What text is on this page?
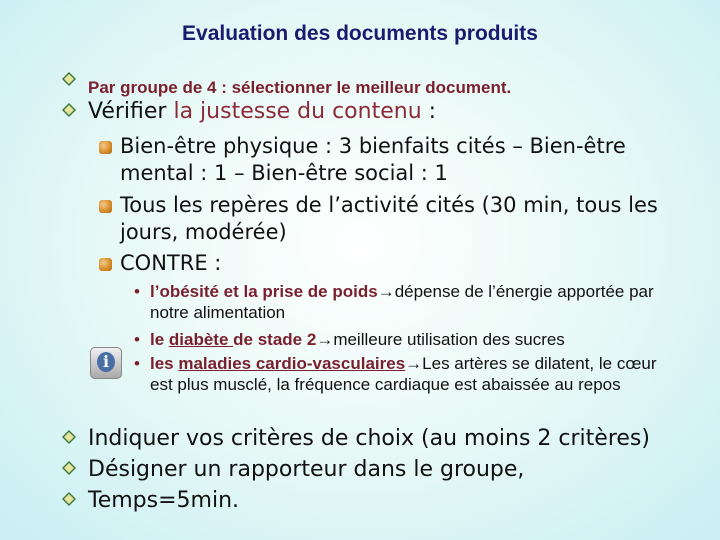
Evaluation des documents produits
Par groupe de 4 : sélectionner le meilleur document.
Vérifier la justesse du contenu :
Bien-être physique : 3 bienfaits cités – Bien-être mental : 1 – Bien-être social : 1
Tous les repères de l’activité cités (30 min, tous les jours, modérée)
CONTRE :
• l’obésité et la prise de poids→dépense de l’énergie apportée par notre alimentation
• le diabète de stade 2→meilleure utilisation des sucres
i	• les maladies cardio-vasculaires→Les artères se dilatent, le cœur est plus musclé, la fréquence cardiaque est abaissée au repos
Indiquer vos critères de choix (au moins 2 critères)
Désigner un rapporteur dans le groupe,
Temps=5min.
